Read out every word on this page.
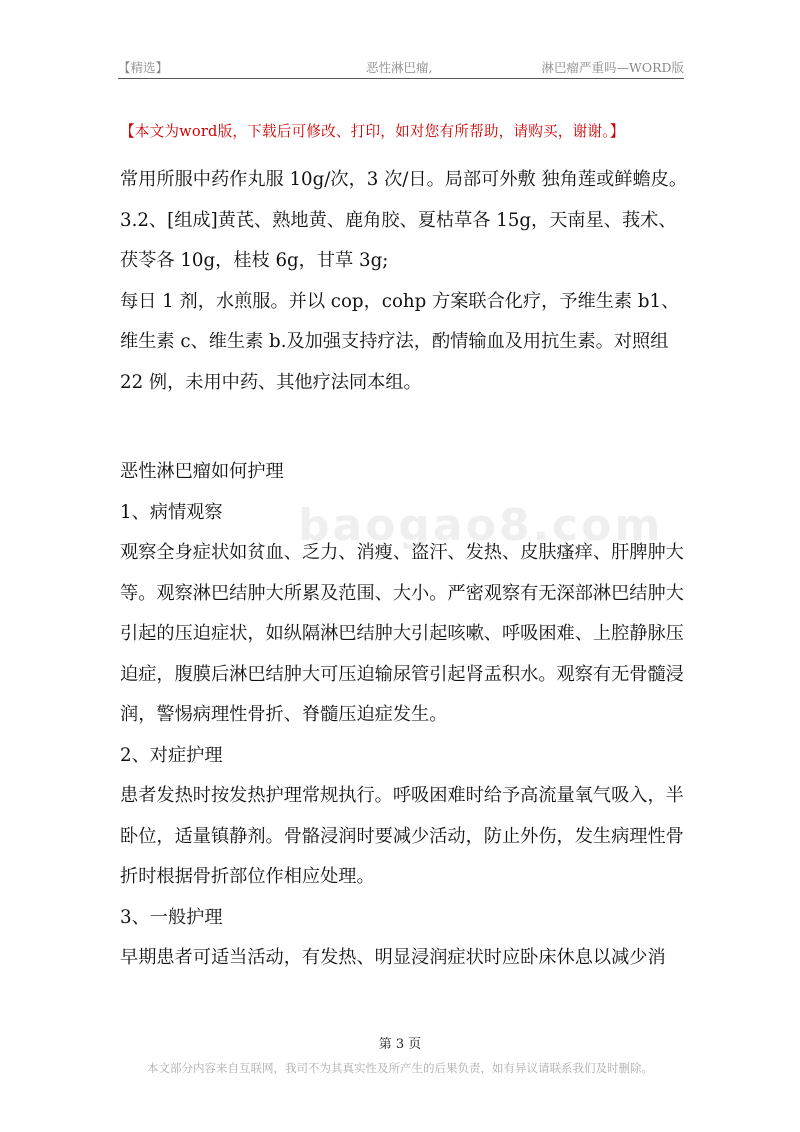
【精选】	恶性淋巴瘤,	淋巴瘤严重吗—WORD版
【本文为word版，下载后可修改、打印，如对您有所帮助，请购买，谢谢。】
baogao8.com

常用所服中药作丸服 10g/次，3 次/日。局部可外敷 独角莲或鲜蟾皮。

3.2、[组成]黄芪、熟地黄、鹿角胶、夏枯草各 15g，天南星、莪术、茯苓各 10g，桂枝 6g，甘草 3g;

每日 1 剂，水煎服。并以 cop，cohp 方案联合化疗，予维生素 b1、维生素 c、维生素 b.及加强支持疗法，酌情输血及用抗生素。对照组 22 例，未用中药、其他疗法同本组。

恶性淋巴瘤如何护理

1、病情观察

观察全身症状如贫血、乏力、消瘦、盗汗、发热、皮肤瘙痒、肝脾肿大等。观察淋巴结肿大所累及范围、大小。严密观察有无深部淋巴结肿大引起的压迫症状，如纵隔淋巴结肿大引起咳嗽、呼吸困难、上腔静脉压迫症，腹膜后淋巴结肿大可压迫输尿管引起肾盂积水。观察有无骨髓浸润，警惕病理性骨折、脊髓压迫症发生。

2、对症护理

患者发热时按发热护理常规执行。呼吸困难时给予高流量氧气吸入，半卧位，适量镇静剂。骨骼浸润时要减少活动，防止外伤，发生病理性骨折时根据骨折部位作相应处理。

3、一般护理

早期患者可适当活动，有发热、明显浸润症状时应卧床休息以减少消

第 3 页
本文部分内容来自互联网，我司不为其真实性及所产生的后果负责，如有异议请联系我们及时删除。
